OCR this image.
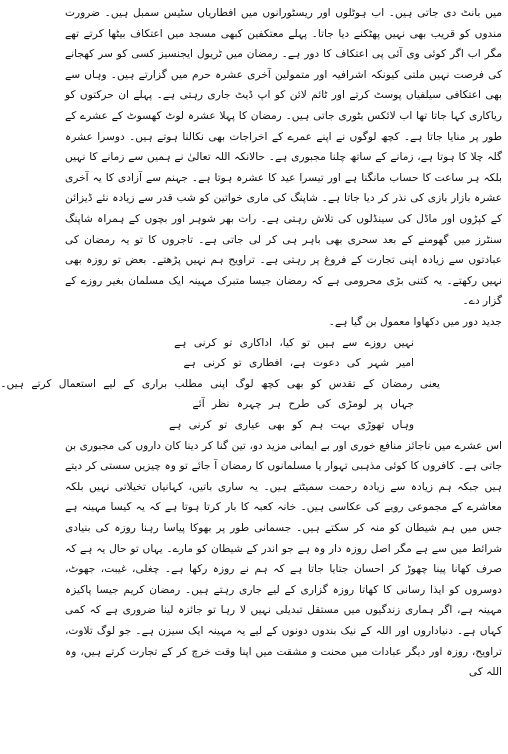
میں بانٹ دی جاتی ہیں۔ اب ہوٹلوں اور ریسٹورانوں میں افطاریاں سٹیس سمبل ہیں۔ ضرورت مندوں کو قریب بھی نہیں پھٹکنے دیا جاتا۔ پہلے معتکفین کبھی مسجد میں اعتکاف بیٹھا کرتے تھے مگر اب اگر کوئی وی آئی پی اعتکاف کا دور ہے۔ رمضان میں ٹریول ایجنسیز کسی کو سر کھجانے کی فرصت نہیں ملتی کیونکہ اشرافیہ اور متمولین آخری عشرہ حرم میں گزارتے ہیں۔ وہاں سے بھی اعتکافی سیلفیاں پوسٹ کرتے اور ٹائم لائن کو اپ ڈیٹ جاری رہتی ہے۔ پہلے ان حرکتوں کو ریاکاری کہا جاتا تھا اب لائکس بٹوری جاتی ہیں۔ رمضان کا پہلا عشرہ لوٹ کھسوٹ کے عشرے کے طور پر منایا جاتا ہے۔ کچھ لوگوں نے اپنے عمرے کے اخراجات بھی نکالنا ہوتے ہیں۔ دوسرا عشرہ گلہ چلا کا ہوتا ہے، زمانے کے ساتھ چلنا مجبوری ہے۔ حالانکہ اللہ تعالیٰ نے ہمیں سے زمانے کا نہیں بلکہ ہر ساعت کا حساب مانگنا ہے اور تیسرا عید کا عشرہ ہوتا ہے۔ جہنم سے آزادی کا یہ آخری عشرہ بازار بازی کی نذر کر دیا جاتا ہے۔ شاپنگ کی ماری خواتین کو شب قدر سے زیادہ نئے ڈیزائن کے کپڑوں اور ماڈل کی سینڈلوں کی تلاش رہتی ہے۔ رات بھر شوہر اور بچوں کے ہمراہ شاپنگ سنٹرز میں گھومنے کے بعد سحری بھی باہر ہی کر لی جاتی ہے۔ تاجروں کا تو یہ رمضان کی عبادتوں سے زیادہ اپنی تجارت کے فروغ پر رہتی ہے۔ تراویح ہم نہیں پڑھتے۔ بعض تو روزہ بھی نہیں رکھتے۔ یہ کتنی بڑی محرومی ہے کہ رمضان جیسا متبرک مہینہ ایک مسلمان بغیر روزے کے گزار دے۔

جدید دور میں دکھاوا معمول بن گیا ہے۔

نہیں روزے سے ہیں تو کیا، اداکاری تو کرنی ہے
امیر شہر کی دعوت ہے، افطاری تو کرنی ہے
یعنی رمضان کے تقدس کو بھی کچھ لوگ اپنی مطلب براری کے لیے استعمال کرتے ہیں۔
جہاں پر لومڑی کی طرح ہر چہرہ نظر آئے
وہاں تھوڑی بہت ہم کو بھی عیاری تو کرنی ہے

اس عشرے میں ناجائز منافع خوری اور بے ایمانی مزید دو، تین گنا کر دینا کان داروں کی مجبوری بن جاتی ہے۔ کافروں کا کوئی مذہبی تہوار یا مسلمانوں کا رمضان آ جائے تو وہ چیزیں سستی کر دیتے ہیں جبکہ ہم زیادہ سے زیادہ رحمت سمیٹتے ہیں۔ یہ ساری باتیں، کہانیاں تخیلاتی نہیں بلکہ معاشرے کے مجموعی رویے کی عکاسی ہیں۔ خانہ کعبہ کا بار کرتا ہوتا ہے کہ یہ کیسا مہینہ ہے جس میں ہم شیطان کو منہ کر سکتے ہیں۔ جسمانی طور پر بھوکا پیاسا رہنا روزہ کی بنیادی شرائط میں سے ہے مگر اصل روزہ دار وہ ہے جو اندر کے شیطان کو مارے۔ یہاں تو حال یہ ہے کہ صرف کھانا پینا چھوڑ کر احسان جتایا جاتا ہے کہ ہم نے روزہ رکھا ہے۔ چغلی، غیبت، جھوٹ، دوسروں کو ایذا رسانی کا کھاتا روزہ گزاری کے لیے جاری رہتے ہیں۔ رمضان کریم جیسا پاکیزہ مہینہ ہے، اگر ہماری زندگیوں میں مستقل تبدیلی نہیں لا رہا تو جائزہ لینا ضروری ہے کہ کمی کہاں ہے۔ دنیاداروں اور اللہ کے نیک بندوں دونوں کے لیے یہ مہینہ ایک سیزن ہے۔ جو لوگ تلاوت، تراویح، روزہ اور دیگر عبادات میں محنت و مشقت میں اپنا وقت خرچ کر کے تجارت کرتے ہیں، وہ اللہ کی
